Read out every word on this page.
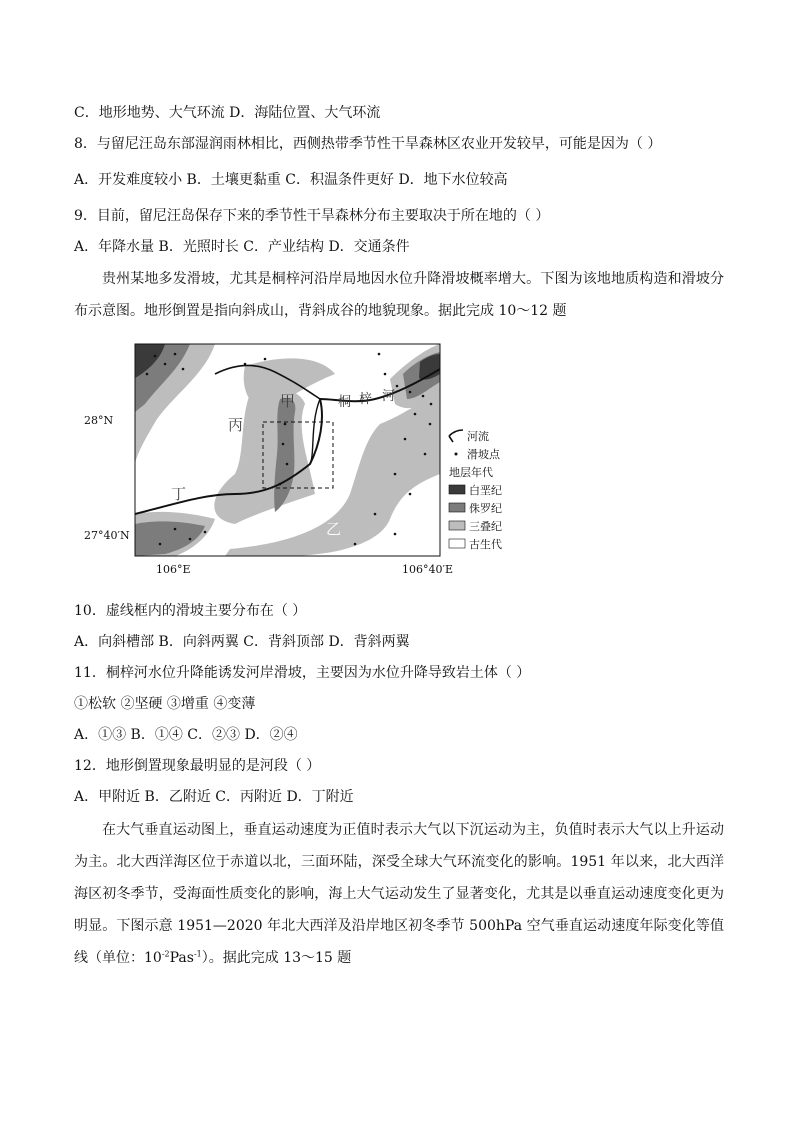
C．地形地势、大气环流 D．海陆位置、大气环流
8．与留尼汪岛东部湿润雨林相比，西侧热带季节性干旱森林区农业开发较早，可能是因为（ ）
A．开发难度较小 B．土壤更黏重 C．积温条件更好 D．地下水位较高
9．目前，留尼汪岛保存下来的季节性干旱森林分布主要取决于所在地的（ ）
A．年降水量 B．光照时长 C．产业结构 D．交通条件
贵州某地多发滑坡，尤其是桐梓河沿岸局地因水位升降滑坡概率增大。下图为该地地质构造和滑坡分布示意图。地形倒置是指向斜成山，背斜成谷的地貌现象。据此完成 10～12 题
桐 梓 河
甲
丙
丁
乙
28°N
27°40′N
106°E	106°40′E
河流
滑坡点
地层年代
白垩纪
侏罗纪
三叠纪
古生代
10．虚线框内的滑坡主要分布在（ ）
A．向斜槽部 B．向斜两翼 C．背斜顶部 D．背斜两翼
11．桐梓河水位升降能诱发河岸滑坡，主要因为水位升降导致岩土体（ ）
①松软 ②坚硬 ③增重 ④变薄
A．①③ B．①④ C．②③ D．②④
12．地形倒置现象最明显的是河段（ ）
A．甲附近 B．乙附近 C．丙附近 D．丁附近
在大气垂直运动图上，垂直运动速度为正值时表示大气以下沉运动为主，负值时表示大气以上升运动为主。北大西洋海区位于赤道以北，三面环陆，深受全球大气环流变化的影响。1951 年以来，北大西洋海区初冬季节，受海面性质变化的影响，海上大气运动发生了显著变化，尤其是以垂直运动速度变化更为明显。下图示意 1951—2020 年北大西洋及沿岸地区初冬季节 500hPa 空气垂直运动速度年际变化等值线（单位：$10^{-2}Pas^{-1}$）。据此完成 13～15 题
